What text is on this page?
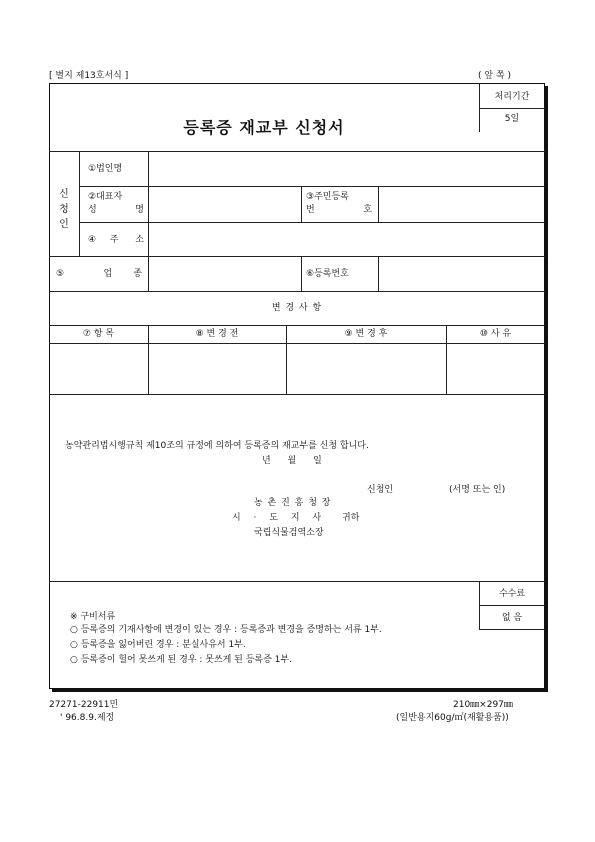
[ 별지 제13호서식 ]	( 앞 쪽 )
등록증 재교부 신청서
처리기간
5일
신
청
인
①법인명
②대표자
성 명
③주민등록
번 호
④주 소
⑤ 업 종	⑥등록번호
변 경 사 항
⑦ 항 목	⑧ 변 경 전	⑨ 변 경 후	⑩ 사 유
농약관리법시행규칙 제10조의 규정에 의하여 등록증의 재교부를 신청 합니다.
년 월 일
신청인	(서명 또는 인)
농 촌 진 흥 청 장
시 · 도 지 사 귀하
국립식물검역소장
수수료
없 음
※ 구비서류
○ 등록증의 기재사항에 변경이 있는 경우 : 등록증과 변경을 증명하는 서류 1부.
○ 등록증을 잃어버린 경우 : 분실사유서 1부.
○ 등록증이 헐어 못쓰게 된 경우 : 못쓰게 된 등록증 1부.
27271-22911민
' 96.8.9.제정
210㎜×297㎜
(일반용지60g/㎡(재활용품))
